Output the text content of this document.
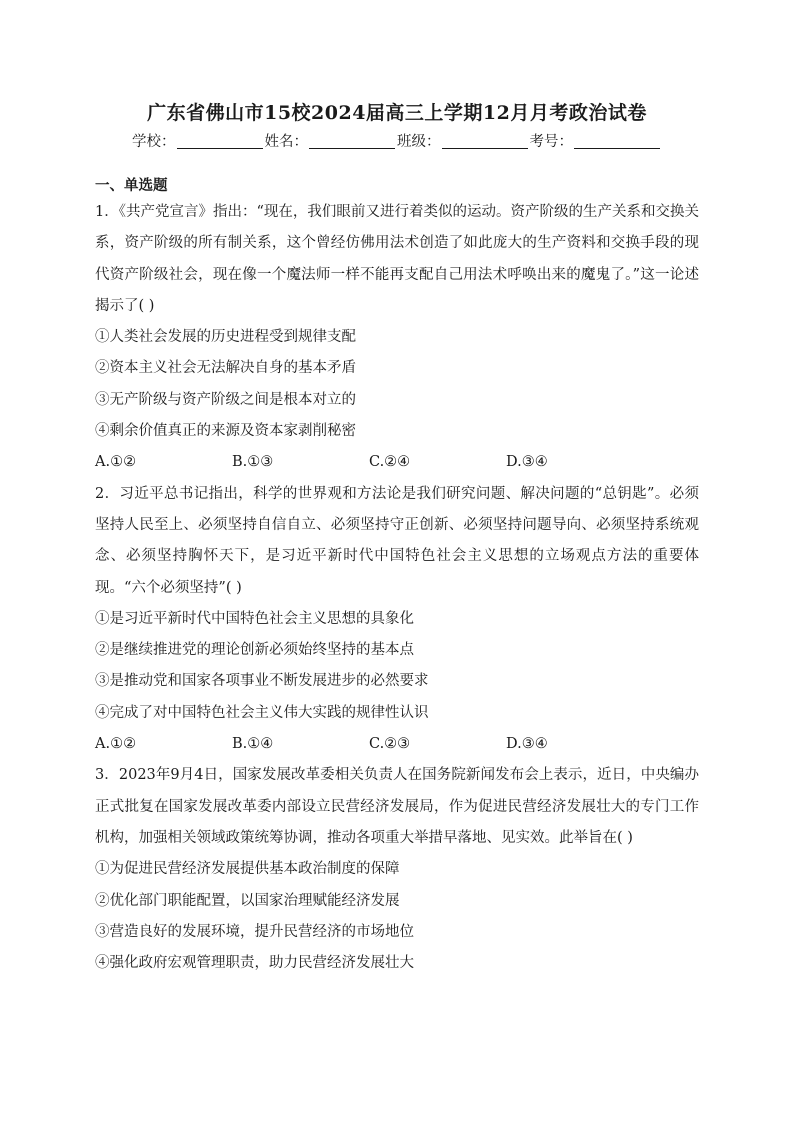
广东省佛山市15校2024届高三上学期12月月考政治试卷
学校：	姓名：	班级：	考号：
一、单选题
1．《共产党宣言》指出：“现在，我们眼前又进行着类似的运动。资产阶级的生产关系和交换关系，资产阶级的所有制关系，这个曾经仿佛用法术创造了如此庞大的生产资料和交换手段的现代资产阶级社会，现在像一个魔法师一样不能再支配自己用法术呼唤出来的魔鬼了。”这一论述揭示了( )
①人类社会发展的历史进程受到规律支配
②资本主义社会无法解决自身的基本矛盾
③无产阶级与资产阶级之间是根本对立的
④剩余价值真正的来源及资本家剥削秘密
A.①②	B.①③	C.②④	D.③④
2．习近平总书记指出，科学的世界观和方法论是我们研究问题、解决问题的“总钥匙”。必须坚持人民至上、必须坚持自信自立、必须坚持守正创新、必须坚持问题导向、必须坚持系统观念、必须坚持胸怀天下，是习近平新时代中国特色社会主义思想的立场观点方法的重要体现。“六个必须坚持”( )
①是习近平新时代中国特色社会主义思想的具象化
②是继续推进党的理论创新必须始终坚持的基本点
③是推动党和国家各项事业不断发展进步的必然要求
④完成了对中国特色社会主义伟大实践的规律性认识
A.①②	B.①④	C.②③	D.③④
3．2023年9月4日，国家发展改革委相关负责人在国务院新闻发布会上表示，近日，中央编办正式批复在国家发展改革委内部设立民营经济发展局，作为促进民营经济发展壮大的专门工作机构，加强相关领域政策统筹协调，推动各项重大举措早落地、见实效。此举旨在( )
①为促进民营经济发展提供基本政治制度的保障
②优化部门职能配置，以国家治理赋能经济发展
③营造良好的发展环境，提升民营经济的市场地位
④强化政府宏观管理职责，助力民营经济发展壮大
